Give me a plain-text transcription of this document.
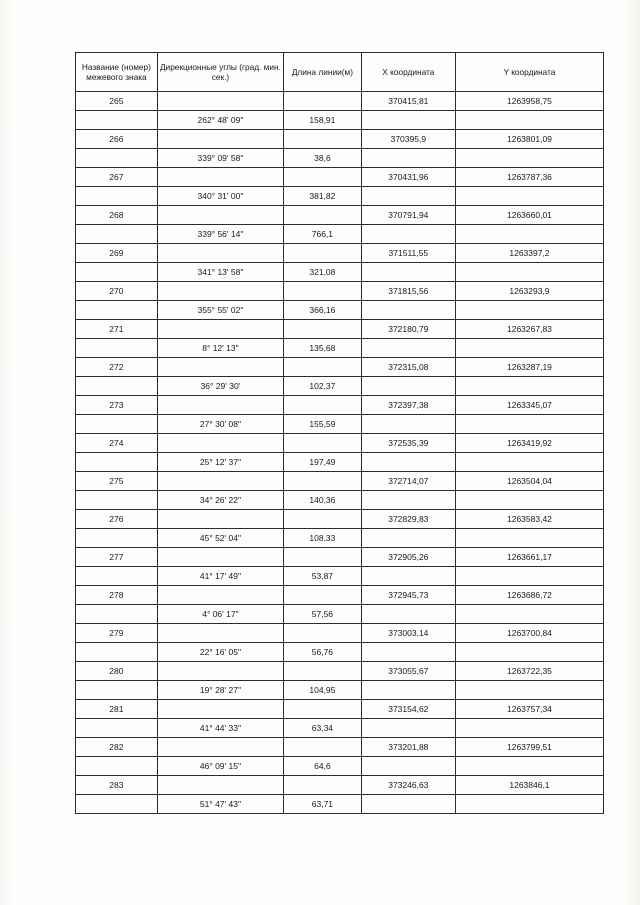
Название (номер) межевого знака	Дирекционные углы (град. мин. сек.)	Длина линии(м)	X координата	Y координата
265			370415,81	1263958,75
	262° 48' 09"	158,91		
266			370395,9	1263801,09
	339° 09' 58"	38,6		
267			370431,96	1263787,36
	340° 31' 00"	381,82		
268			370791,94	1263660,01
	339° 56' 14"	766,1		
269			371511,55	1263397,2
	341° 13' 58"	321,08		
270			371815,56	1263293,9
	355° 55' 02"	366,16		
271			372180,79	1263267,83
	8° 12' 13"	135,68		
272			372315,08	1263287,19
	36° 29' 30'	102,37		
273			372397,38	1263345,07
	27° 30' 08"	155,59		
274			372535,39	1263419,92
	25° 12' 37"	197,49		
275			372714,07	1263504,04
	34° 26' 22"	140,36		
276			372829,83	1263583,42
	45° 52' 04"	108,33		
277			372905,26	1263661,17
	41° 17' 49"	53,87		
278			372945,73	1263686,72
	4° 06' 17"	57,56		
279			373003,14	1263700,84
	22° 16' 05"	56,76		
280			373055,67	1263722,35
	19° 28' 27"	104,95		
281			373154,62	1263757,34
	41° 44' 33"	63,34		
282			373201,88	1263799,51
	46° 09' 15"	64,6		
283			373246,63	1263846,1
	51° 47' 43"	63,71		
